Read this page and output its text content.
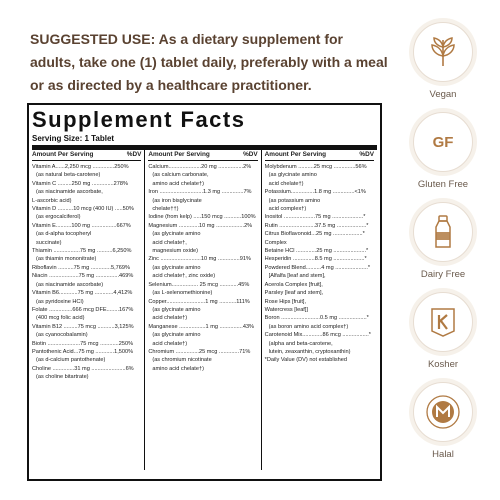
SUGGESTED USE: As a dietary supplement for adults, take one (1) tablet daily, preferably with a meal or as directed by a healthcare practitioner.
Supplement Facts
Serving Size: 1 Tablet
Amount Per Serving	%DV
Vitamin A......2,250 mcg ..............250%
(as natural beta-carotene)
Vitamin C .........250 mg ..............278%
(as niacinamide ascorbate,
L-ascorbic acid)
Vitamin D ..........10 mcg (400 IU) .....50%
(as ergocalciferol)
Vitamin E..........100 mg ................667%
(as d-alpha tocopheryl
succinate)
Thiamin .................75 mg ..........6,250%
(as thiamin mononitrate)
Riboflavin ..........75 mg .............5,769%
Niacin ...................75 mg ...............469%
(as niacinamide ascorbate)
Vitamin B6............75 mg ............4,412%
(as pyridoxine HCl)
Folate ...............666 mcg DFE........167%
(400 mcg folic acid)
Vitamin B12 .........75 mcg ...........3,125%
(as cyanocobalamin)
Biotin .....................75 mcg ............250%
Pantothenic Acid...75 mg ............1,500%
(as d-calcium pantothenate)
Choline ..............31 mg ......................6%
(as choline bitartrate)
Amount Per Serving	%DV
Calcium.....................20 mg ................2%
(as calcium carbonate,
amino acid chelate†)
Iron ............................1.3 mg ..............7%
(as iron bisglycinate
chelate††)
Iodine (from kelp) .....150 mcg ...........100%
Magnesium .............10 mg ..................2%
(as glycinate amino
acid chelate†,
magnesium oxide)
Zinc ..........................10 mg ..............91%
(as glycinate amino
acid chelate†, zinc oxide)
Selenium................. 25 mcg ............45%
(as L-selenomethionine)
Copper.........................1 mg ...........111%
(as glycinate amino
acid chelate†)
Manganese .................1 mg ...............43%
(as glycinate amino
acid chelate†)
Chromium ...............25 mcg .............71%
(as chromium nicotinate
amino acid chelate†)
Amount Per Serving	%DV
Molybdenum ..........25 mcg ..............56%
(as glycinate amino
acid chelate†)
Potassium...............1.8 mg ..............<1%
(as potassium amino
acid complex†)
Inositol ....................75 mg ....................*
Rutin .......................37.5 mg ...................*
Citrus Bioflavonoid...25 mg ...................*
Complex
Betaine HCl .............25 mg .....................*
Hesperidin ..............8.5 mg ....................*
Powdered Blend..........4 mg .....................*
[Alfalfa [leaf and stem],
Acerola Complex [fruit],
Parsley [leaf and stem],
Rose Hips [fruit],
Watercress [leaf]]
Boron .........................0.5 mg ..................*
(as boron amino acid complex†)
Carotenoid Mix.............86 mcg .................*
(alpha and beta-carotene,
lutein, zeaxanthin, cryptoxanthin)
*Daily Value (DV) not established
Vegan
GF
Gluten Free
Dairy Free
Kosher
Halal
